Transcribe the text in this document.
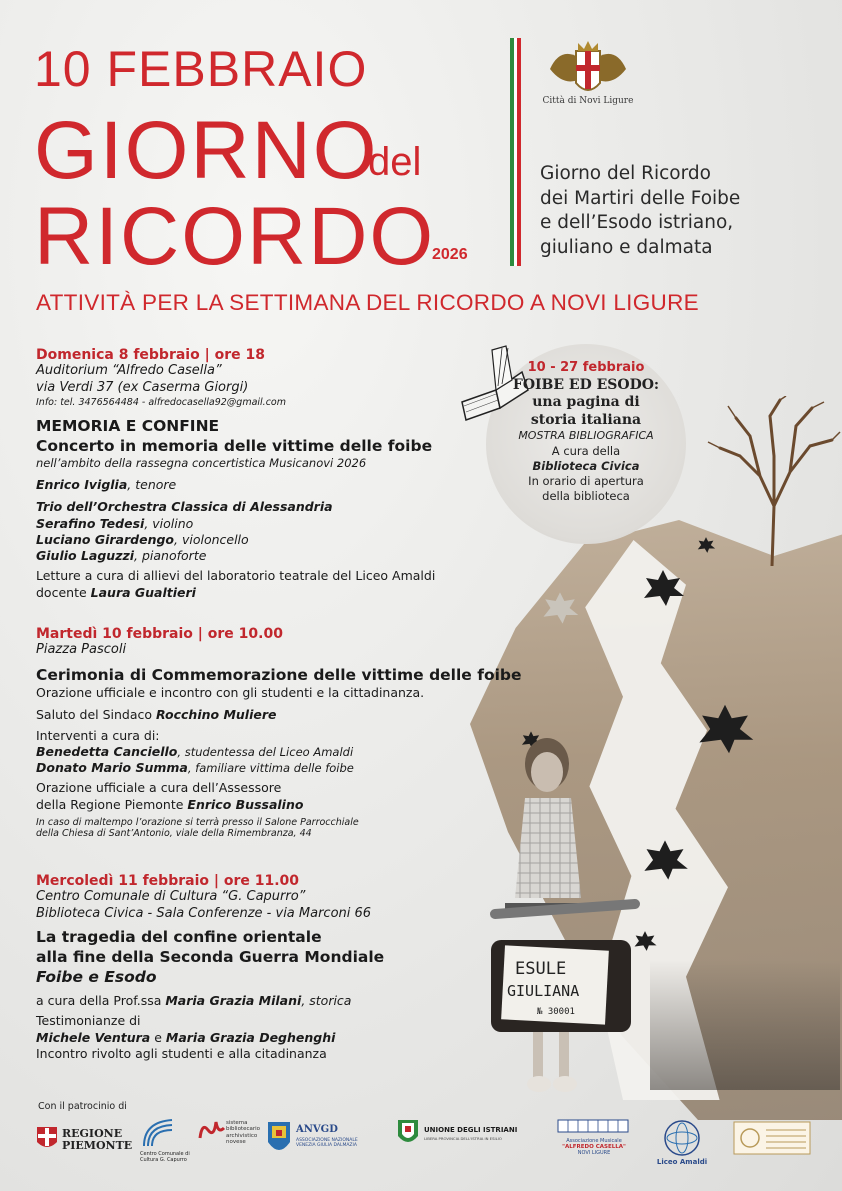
10 FEBBRAIO
GIORNO
del
RICORDO
2026
Città di Novi Ligure
Giorno del Ricordo
dei Martiri delle Foibe
e dell’Esodo istriano,
giuliano e dalmata
ATTIVITÀ PER LA SETTIMANA DEL RICORDO A NOVI LIGURE
10 - 27 febbraio
FOIBE ED ESODO:
una pagina di
storia italiana
MOSTRA BIBLIOGRAFICA
A cura della
Biblioteca Civica
In orario di apertura
della biblioteca
ESULE
GIULIANA
№ 30001
Domenica 8 febbraio | ore 18
Auditorium “Alfredo Casella”
via Verdi 37 (ex Caserma Giorgi)
Info: tel. 3476564484 - alfredocasella92@gmail.com
MEMORIA E CONFINE
Concerto in memoria delle vittime delle foibe
nell’ambito della rassegna concertistica Musicanovi 2026
Enrico Iviglia, tenore
Trio dell’Orchestra Classica di Alessandria
Serafino Tedesi, violino
Luciano Girardengo, violoncello
Giulio Laguzzi, pianoforte
Letture a cura di allievi del laboratorio teatrale del Liceo Amaldi
docente Laura Gualtieri
Martedì 10 febbraio | ore 10.00
Piazza Pascoli
Cerimonia di Commemorazione delle vittime delle foibe
Orazione ufficiale e incontro con gli studenti e la cittadinanza.
Saluto del Sindaco Rocchino Muliere
Interventi a cura di:
Benedetta Canciello, studentessa del Liceo Amaldi
Donato Mario Summa, familiare vittima delle foibe
Orazione ufficiale a cura dell’Assessore
della Regione Piemonte Enrico Bussalino
In caso di maltempo l’orazione si terrà presso il Salone Parrocchiale
della Chiesa di Sant’Antonio, viale della Rimembranza, 44
Mercoledì 11 febbraio | ore 11.00
Centro Comunale di Cultura “G. Capurro”
Biblioteca Civica - Sala Conferenze - via Marconi 66
La tragedia del confine orientale
alla fine della Seconda Guerra Mondiale
Foibe e Esodo
a cura della Prof.ssa Maria Grazia Milani, storica
Testimonianze di
Michele Ventura e Maria Grazia Deghenghi
Incontro rivolto agli studenti e alla citadinanza
Con il patrocinio di
REGIONE
PIEMONTE
Centro Comunale di Cultura G. Capurro
sistema bibliotecario archivistico novese
ANVGD
ASSOCIAZIONE NAZIONALE VENEZIA GIULIA DALMAZIA
UNIONE DEGLI ISTRIANI
LIBERA PROVINCIA DELL'ISTRIA IN ESILIO	Associazione Musicale
"ALFREDO CASELLA"
NOVI LIGURE
Liceo Amaldi
